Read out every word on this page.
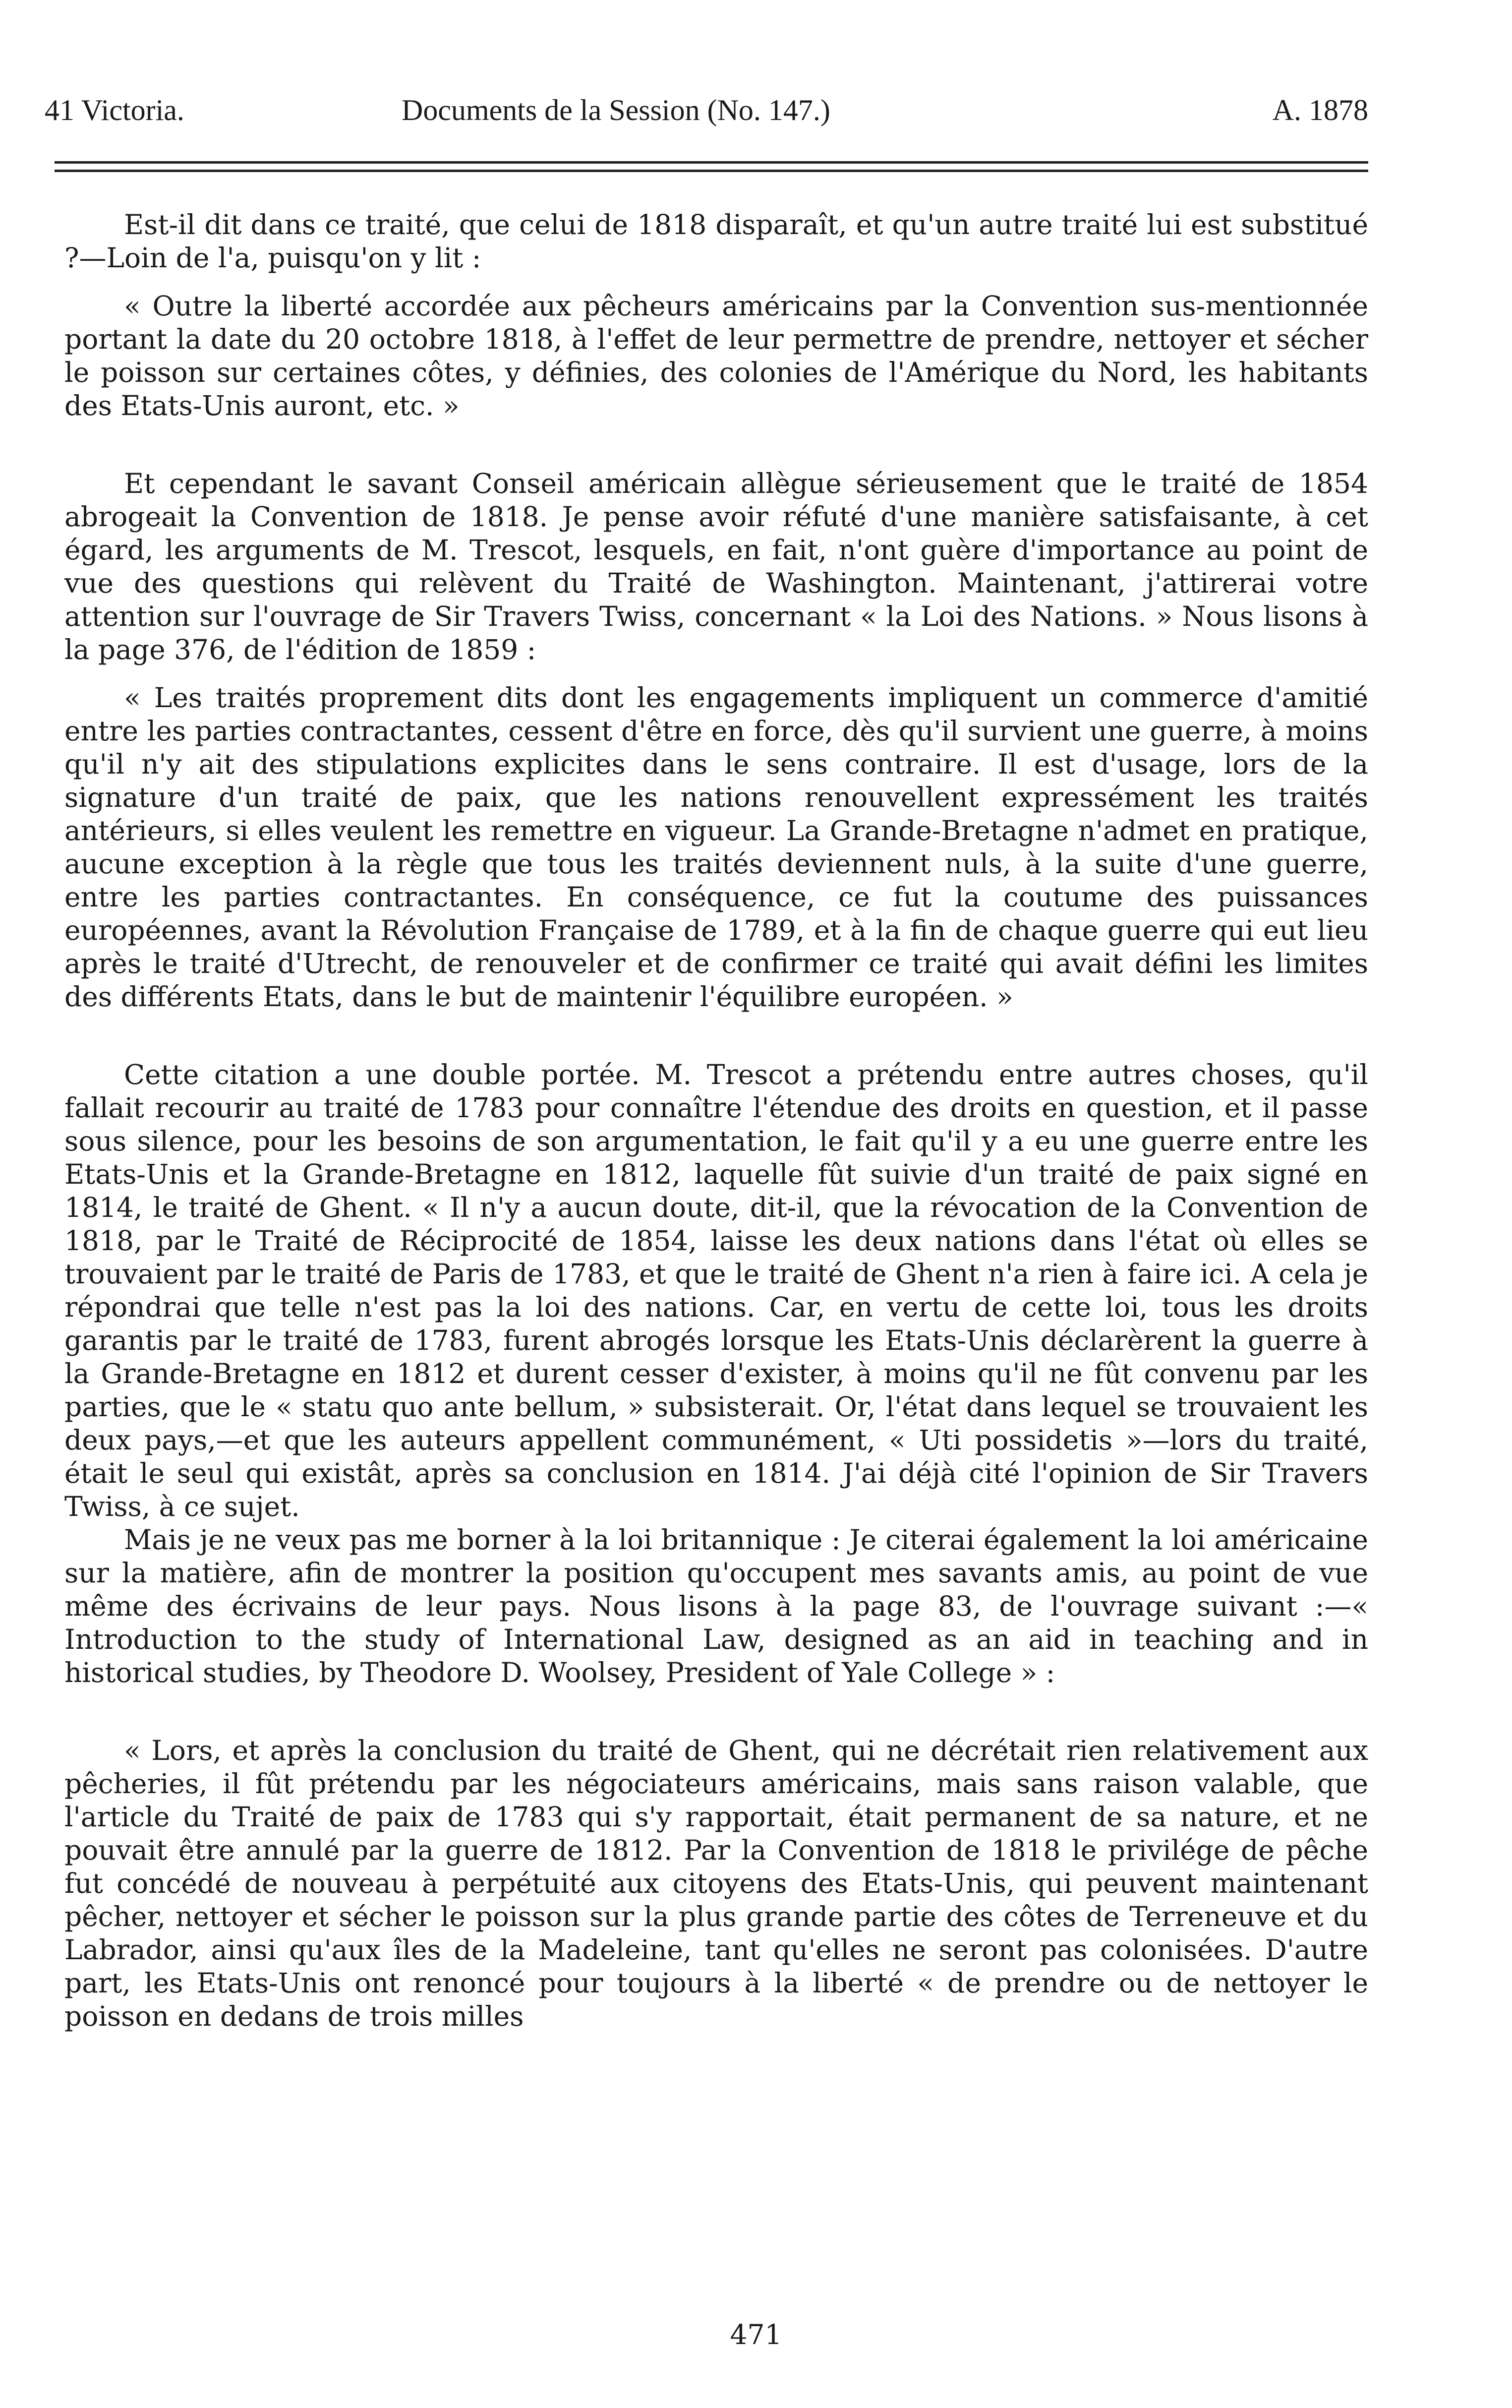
41 Victoria.	Documents de la Session (No. 147.)	A. 1878

Est-il dit dans ce traité, que celui de 1818 disparaît, et qu'un autre traité lui est substitué ?—Loin de l'a, puisqu'on y lit :

« Outre la liberté accordée aux pêcheurs américains par la Convention sus-mentionnée portant la date du 20 octobre 1818, à l'effet de leur permettre de prendre, nettoyer et sécher le poisson sur certaines côtes, y définies, des colonies de l'Amérique du Nord, les habitants des Etats-Unis auront, etc. »

Et cependant le savant Conseil américain allègue sérieusement que le traité de 1854 abrogeait la Convention de 1818. Je pense avoir réfuté d'une manière satisfaisante, à cet égard, les arguments de M. Trescot, lesquels, en fait, n'ont guère d'importance au point de vue des questions qui relèvent du Traité de Washington. Maintenant, j'attirerai votre attention sur l'ouvrage de Sir Travers Twiss, concernant « la Loi des Nations. » Nous lisons à la page 376, de l'édition de 1859 :

« Les traités proprement dits dont les engagements impliquent un commerce d'amitié entre les parties contractantes, cessent d'être en force, dès qu'il survient une guerre, à moins qu'il n'y ait des stipulations explicites dans le sens contraire. Il est d'usage, lors de la signature d'un traité de paix, que les nations renouvellent expressément les traités antérieurs, si elles veulent les remettre en vigueur. La Grande-Bretagne n'admet en pratique, aucune exception à la règle que tous les traités deviennent nuls, à la suite d'une guerre, entre les parties contractantes. En conséquence, ce fut la coutume des puissances européennes, avant la Révolution Française de 1789, et à la fin de chaque guerre qui eut lieu après le traité d'Utrecht, de renouveler et de confirmer ce traité qui avait défini les limites des différents Etats, dans le but de maintenir l'équilibre européen. »

Cette citation a une double portée. M. Trescot a prétendu entre autres choses, qu'il fallait recourir au traité de 1783 pour connaître l'étendue des droits en question, et il passe sous silence, pour les besoins de son argumentation, le fait qu'il y a eu une guerre entre les Etats-Unis et la Grande-Bretagne en 1812, laquelle fût suivie d'un traité de paix signé en 1814, le traité de Ghent. « Il n'y a aucun doute, dit-il, que la révocation de la Convention de 1818, par le Traité de Réciprocité de 1854, laisse les deux nations dans l'état où elles se trouvaient par le traité de Paris de 1783, et que le traité de Ghent n'a rien à faire ici. A cela je répondrai que telle n'est pas la loi des nations. Car, en vertu de cette loi, tous les droits garantis par le traité de 1783, furent abrogés lorsque les Etats-Unis déclarèrent la guerre à la Grande-Bretagne en 1812 et durent cesser d'exister, à moins qu'il ne fût convenu par les parties, que le « statu quo ante bellum, » subsisterait. Or, l'état dans lequel se trouvaient les deux pays,—et que les auteurs appellent communément, « Uti possidetis »—lors du traité, était le seul qui existât, après sa conclusion en 1814. J'ai déjà cité l'opinion de Sir Travers Twiss, à ce sujet.

Mais je ne veux pas me borner à la loi britannique : Je citerai également la loi américaine sur la matière, afin de montrer la position qu'occupent mes savants amis, au point de vue même des écrivains de leur pays. Nous lisons à la page 83, de l'ouvrage suivant :—« Introduction to the study of International Law, designed as an aid in teaching and in historical studies, by Theodore D. Woolsey, President of Yale College » :

« Lors, et après la conclusion du traité de Ghent, qui ne décrétait rien relativement aux pêcheries, il fût prétendu par les négociateurs américains, mais sans raison valable, que l'article du Traité de paix de 1783 qui s'y rapportait, était permanent de sa nature, et ne pouvait être annulé par la guerre de 1812. Par la Convention de 1818 le privilége de pêche fut concédé de nouveau à perpétuité aux citoyens des Etats-Unis, qui peuvent maintenant pêcher, nettoyer et sécher le poisson sur la plus grande partie des côtes de Terreneuve et du Labrador, ainsi qu'aux îles de la Madeleine, tant qu'elles ne seront pas colonisées. D'autre part, les Etats-Unis ont renoncé pour toujours à la liberté « de prendre ou de nettoyer le poisson en dedans de trois milles

471
